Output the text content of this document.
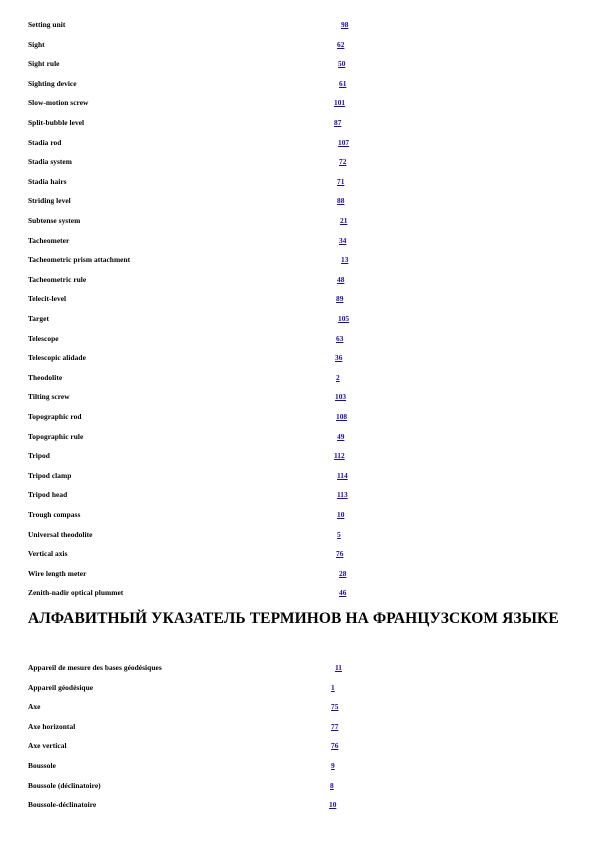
Setting unit	98
Sight	62
Sight rule	50
Sighting device	61
Slow-motion screw	101
Split-bubble level	87
Stadia rod	107
Stadia system	72
Stadia hairs	71
Striding level	88
Subtense system	21
Tacheometer	34
Tacheometric prism attachment	13
Tacheometric rule	48
Telecit-level	89
Target	105
Telescope	63
Telescopic alidade	36
Theodolite	2
Tilting screw	103
Topographic rod	108
Topographic rule	49
Tripod	112
Tripod clamp	114
Tripod head	113
Trough compass	10
Universal theodolite	5
Vertical axis	76
Wire length meter	28
Zenith-nadir optical plummet	46
АЛФАВИТНЫЙ УКАЗАТЕЛЬ ТЕРМИНОВ НА ФРАНЦУЗСКОМ ЯЗЫКЕ
Appareil de mesure des bases géodésiques	11
Appareil géodésique	1
Axe	75
Axe horizontal	77
Axe vertical	76
Boussole	9
Boussole (déclinatoire)	8
Boussole-déclinatoire	10
